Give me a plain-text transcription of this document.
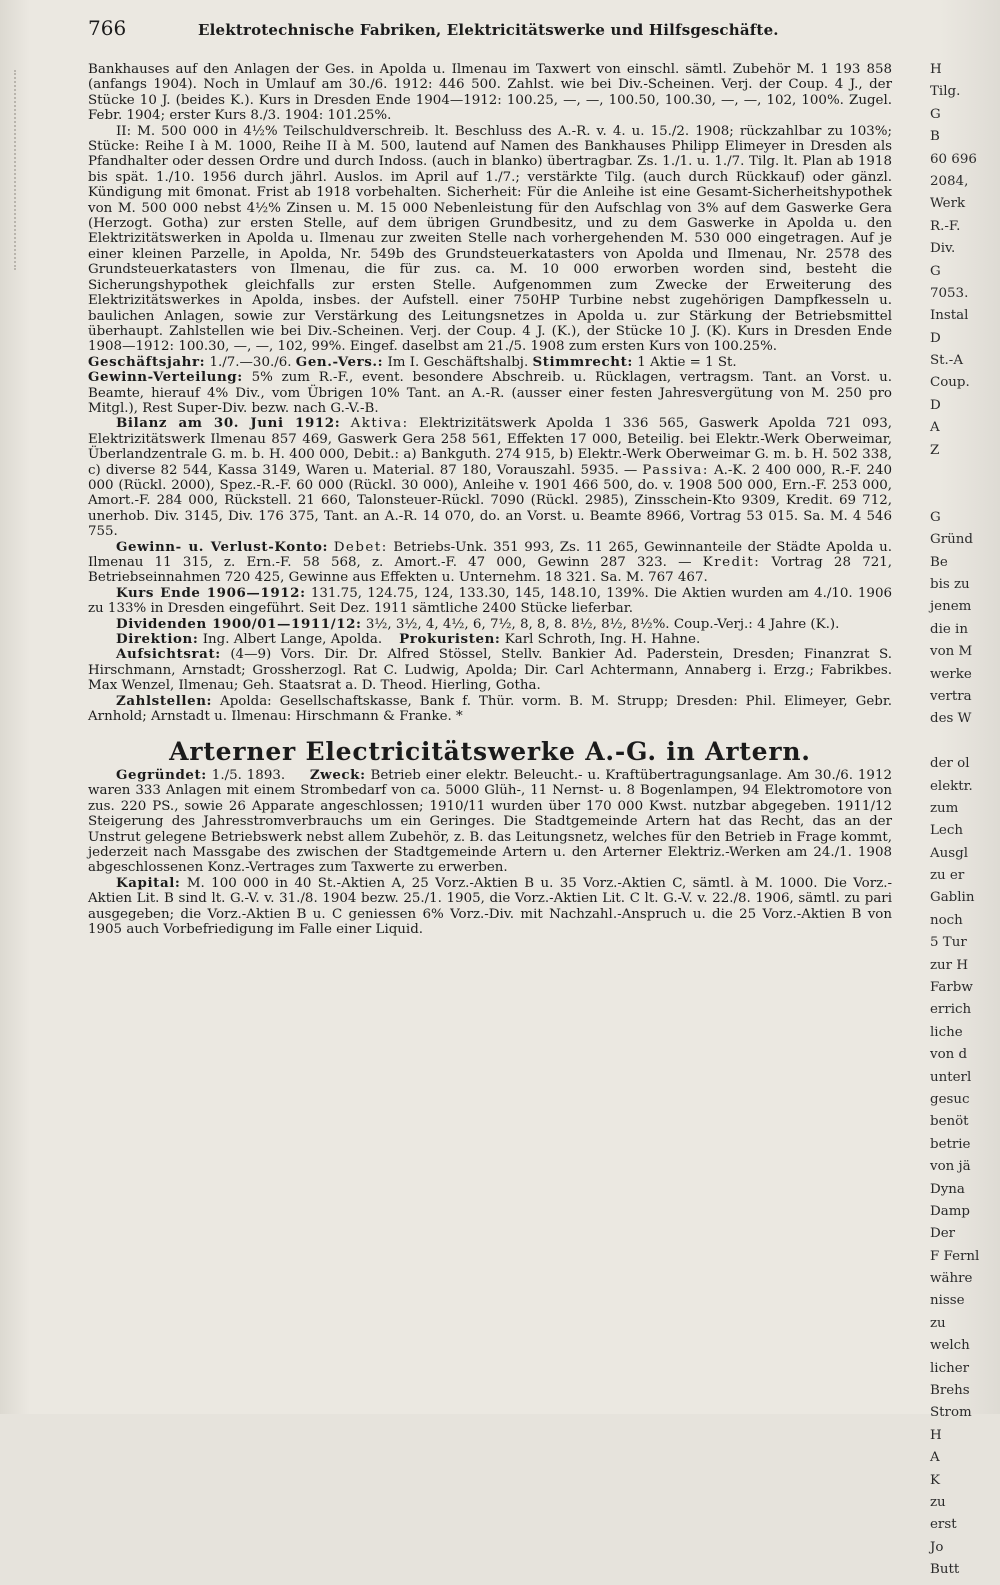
766	Elektrotechnische Fabriken, Elektricitätswerke und Hilfsgeschäfte.

Bankhauses auf den Anlagen der Ges. in Apolda u. Ilmenau im Taxwert von einschl. sämtl. Zubehör M. 1 193 858 (anfangs 1904). Noch in Umlauf am 30./6. 1912: 446 500. Zahlst. wie bei Div.-Scheinen. Verj. der Coup. 4 J., der Stücke 10 J. (beides K.). Kurs in Dresden Ende 1904—1912: 100.25, —, —, 100.50, 100.30, —, —, 102, 100%. Zugel. Febr. 1904; erster Kurs 8./3. 1904: 101.25%.

II: M. 500 000 in 4½% Teilschuldverschreib. lt. Beschluss des A.-R. v. 4. u. 15./2. 1908; rückzahlbar zu 103%; Stücke: Reihe I à M. 1000, Reihe II à M. 500, lautend auf Namen des Bankhauses Philipp Elimeyer in Dresden als Pfandhalter oder dessen Ordre und durch Indoss. (auch in blanko) übertragbar. Zs. 1./1. u. 1./7. Tilg. lt. Plan ab 1918 bis spät. 1./10. 1956 durch jährl. Auslos. im April auf 1./7.; verstärkte Tilg. (auch durch Rückkauf) oder gänzl. Kündigung mit 6monat. Frist ab 1918 vorbehalten. Sicherheit: Für die Anleihe ist eine Gesamt-Sicherheitshypothek von M. 500 000 nebst 4½% Zinsen u. M. 15 000 Nebenleistung für den Aufschlag von 3% auf dem Gaswerke Gera (Herzogt. Gotha) zur ersten Stelle, auf dem übrigen Grundbesitz, und zu dem Gaswerke in Apolda u. den Elektrizitätswerken in Apolda u. Ilmenau zur zweiten Stelle nach vorhergehenden M. 530 000 eingetragen. Auf je einer kleinen Parzelle, in Apolda, Nr. 549b des Grundsteuerkatasters von Apolda und Ilmenau, Nr. 2578 des Grundsteuerkatasters von Ilmenau, die für zus. ca. M. 10 000 erworben worden sind, besteht die Sicherungshypothek gleichfalls zur ersten Stelle. Aufgenommen zum Zwecke der Erweiterung des Elektrizitätswerkes in Apolda, insbes. der Aufstell. einer 750HP Turbine nebst zugehörigen Dampfkesseln u. baulichen Anlagen, sowie zur Verstärkung des Leitungsnetzes in Apolda u. zur Stärkung der Betriebsmittel überhaupt. Zahlstellen wie bei Div.-Scheinen. Verj. der Coup. 4 J. (K.), der Stücke 10 J. (K). Kurs in Dresden Ende 1908—1912: 100.30, —, —, 102, 99%. Eingef. daselbst am 21./5. 1908 zum ersten Kurs von 100.25%.

Geschäftsjahr: 1./7.—30./6. Gen.-Vers.: Im I. Geschäftshalbj. Stimmrecht: 1 Aktie = 1 St.

Gewinn-Verteilung: 5% zum R.-F., event. besondere Abschreib. u. Rücklagen, vertragsm. Tant. an Vorst. u. Beamte, hierauf 4% Div., vom Übrigen 10% Tant. an A.-R. (ausser einer festen Jahresvergütung von M. 250 pro Mitgl.), Rest Super-Div. bezw. nach G.-V.-B.

Bilanz am 30. Juni 1912: Aktiva: Elektrizitätswerk Apolda 1 336 565, Gaswerk Apolda 721 093, Elektrizitätswerk Ilmenau 857 469, Gaswerk Gera 258 561, Effekten 17 000, Beteilig. bei Elektr.-Werk Oberweimar, Überlandzentrale G. m. b. H. 400 000, Debit.: a) Bankguth. 274 915, b) Elektr.-Werk Oberweimar G. m. b. H. 502 338, c) diverse 82 544, Kassa 3149, Waren u. Material. 87 180, Vorauszahl. 5935. — Passiva: A.-K. 2 400 000, R.-F. 240 000 (Rückl. 2000), Spez.-R.-F. 60 000 (Rückl. 30 000), Anleihe v. 1901 466 500, do. v. 1908 500 000, Ern.-F. 253 000, Amort.-F. 284 000, Rückstell. 21 660, Talonsteuer-Rückl. 7090 (Rückl. 2985), Zinsschein-Kto 9309, Kredit. 69 712, unerhob. Div. 3145, Div. 176 375, Tant. an A.-R. 14 070, do. an Vorst. u. Beamte 8966, Vortrag 53 015. Sa. M. 4 546 755.

Gewinn- u. Verlust-Konto: Debet: Betriebs-Unk. 351 993, Zs. 11 265, Gewinnanteile der Städte Apolda u. Ilmenau 11 315, z. Ern.-F. 58 568, z. Amort.-F. 47 000, Gewinn 287 323. — Kredit: Vortrag 28 721, Betriebseinnahmen 720 425, Gewinne aus Effekten u. Unternehm. 18 321. Sa. M. 767 467.

Kurs Ende 1906—1912: 131.75, 124.75, 124, 133.30, 145, 148.10, 139%. Die Aktien wurden am 4./10. 1906 zu 133% in Dresden eingeführt. Seit Dez. 1911 sämtliche 2400 Stücke lieferbar.

Dividenden 1900/01—1911/12: 3½, 3½, 4, 4½, 6, 7½, 8, 8, 8. 8½, 8½, 8½%. Coup.-Verj.: 4 Jahre (K.).

Direktion: Ing. Albert Lange, Apolda. Prokuristen: Karl Schroth, Ing. H. Hahne.

Aufsichtsrat: (4—9) Vors. Dir. Dr. Alfred Stössel, Stellv. Bankier Ad. Paderstein, Dresden; Finanzrat S. Hirschmann, Arnstadt; Grossherzogl. Rat C. Ludwig, Apolda; Dir. Carl Achtermann, Annaberg i. Erzg.; Fabrikbes. Max Wenzel, Ilmenau; Geh. Staatsrat a. D. Theod. Hierling, Gotha.

Zahlstellen: Apolda: Gesellschaftskasse, Bank f. Thür. vorm. B. M. Strupp; Dresden: Phil. Elimeyer, Gebr. Arnhold; Arnstadt u. Ilmenau: Hirschmann & Franke. *

Arterner Electricitätswerke A.-G. in Artern.

Gegründet: 1./5. 1893. Zweck: Betrieb einer elektr. Beleucht.- u. Kraftübertragungsanlage. Am 30./6. 1912 waren 333 Anlagen mit einem Strombedarf von ca. 5000 Glüh-, 11 Nernst- u. 8 Bogenlampen, 94 Elektromotore von zus. 220 PS., sowie 26 Apparate angeschlossen; 1910/11 wurden über 170 000 Kwst. nutzbar abgegeben. 1911/12 Steigerung des Jahresstromverbrauchs um ein Geringes. Die Stadtgemeinde Artern hat das Recht, das an der Unstrut gelegene Betriebswerk nebst allem Zubehör, z. B. das Leitungsnetz, welches für den Betrieb in Frage kommt, jederzeit nach Massgabe des zwischen der Stadtgemeinde Artern u. den Arterner Elektriz.-Werken am 24./1. 1908 abgeschlossenen Konz.-Vertrages zum Taxwerte zu erwerben.

Kapital: M. 100 000 in 40 St.-Aktien A, 25 Vorz.-Aktien B u. 35 Vorz.-Aktien C, sämtl. à M. 1000. Die Vorz.-Aktien Lit. B sind lt. G.-V. v. 31./8. 1904 bezw. 25./1. 1905, die Vorz.-Aktien Lit. C lt. G.-V. v. 22./8. 1906, sämtl. zu pari ausgegeben; die Vorz.-Aktien B u. C geniessen 6% Vorz.-Div. mit Nachzahl.-Anspruch u. die 25 Vorz.-Aktien B von 1905 auch Vorbefriedigung im Falle einer Liquid.

H
Tilg.
G
B
60 696
2084,
Werk
R.-F.
Div.
G
7053.
Instal
D
St.-A
Coup.
D
A
Z
G
Gründ
Be
bis zu
jenem
die in
von M
werke
vertra
des W
der ol
elektr.
zum
Lech
Ausgl
zu er
Gablin
noch
5 Tur
zur H
Farbw
errich
liche
von d
unterl
gesuc
benöt
betrie
von jä
Dyna
Damp
Der
F Fernl
währe
nisse
zu
welch
licher
Brehs
Strom
H
A
K
zu
erst
Jo
Butt
